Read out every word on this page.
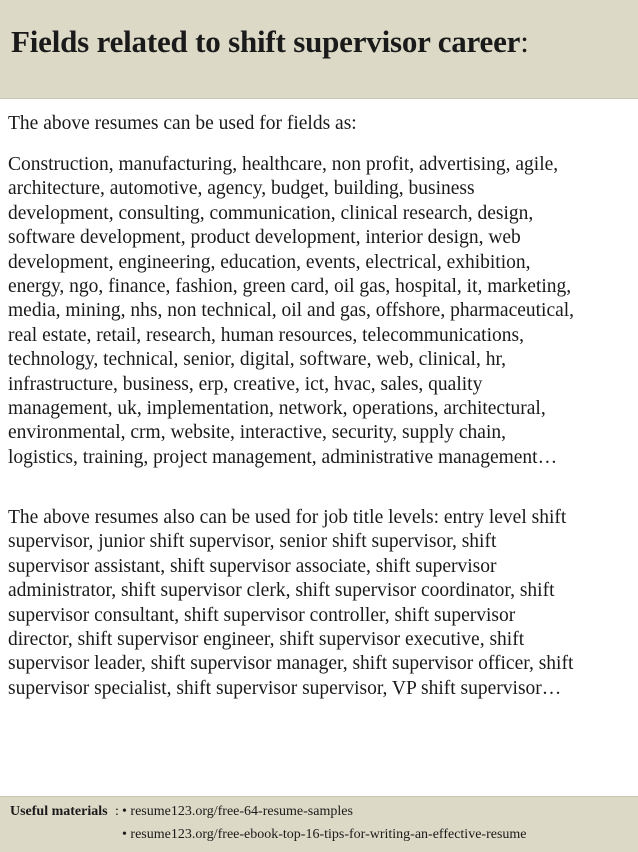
Fields related to shift supervisor career:

The above resumes can be used for fields as:

Construction, manufacturing, healthcare, non profit, advertising, agile,
architecture, automotive, agency, budget, building, business
development, consulting, communication, clinical research, design,
software development, product development, interior design, web
development, engineering, education, events, electrical, exhibition,
energy, ngo, finance, fashion, green card, oil gas, hospital, it, marketing,
media, mining, nhs, non technical, oil and gas, offshore, pharmaceutical,
real estate, retail, research, human resources, telecommunications,
technology, technical, senior, digital, software, web, clinical, hr,
infrastructure, business, erp, creative, ict, hvac, sales, quality
management, uk, implementation, network, operations, architectural,
environmental, crm, website, interactive, security, supply chain,
logistics, training, project management, administrative management…

The above resumes also can be used for job title levels: entry level shift
supervisor, junior shift supervisor, senior shift supervisor, shift
supervisor assistant, shift supervisor associate, shift supervisor
administrator, shift supervisor clerk, shift supervisor coordinator, shift
supervisor consultant, shift supervisor controller, shift supervisor
director, shift supervisor engineer, shift supervisor executive, shift
supervisor leader, shift supervisor manager, shift supervisor officer, shift
supervisor specialist, shift supervisor supervisor, VP shift supervisor…

Useful materials : • resume123.org/free-64-resume-samples
• resume123.org/free-ebook-top-16-tips-for-writing-an-effective-resume
